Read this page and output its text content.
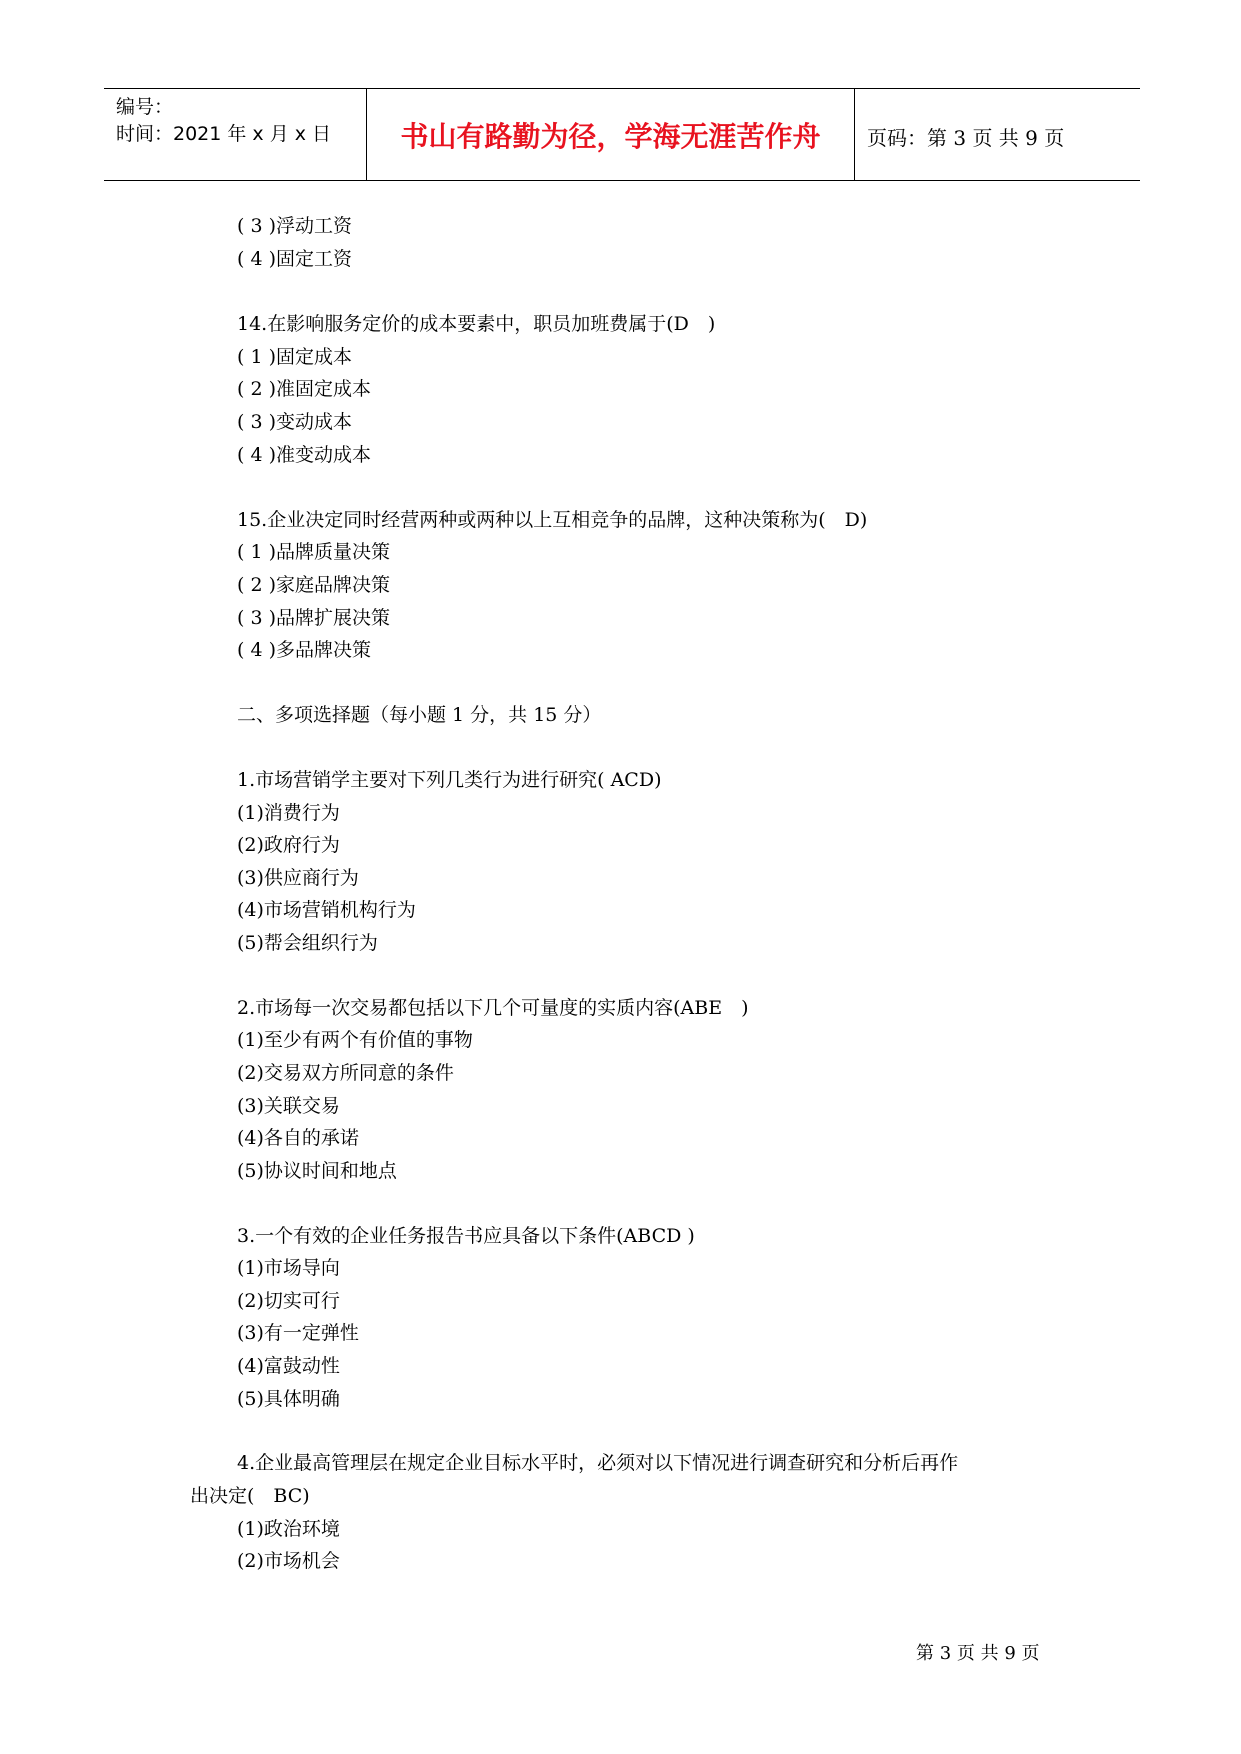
编号：
时间：2021 年 x 月 x 日	书山有路勤为径，学海无涯苦作舟	页码：第 3 页 共 9 页
( 3 )浮动工资
( 4 )固定工资
14.在影响服务定价的成本要素中，职员加班费属于(D　)
( 1 )固定成本
( 2 )准固定成本
( 3 )变动成本
( 4 )准变动成本
15.企业决定同时经营两种或两种以上互相竞争的品牌，这种决策称为(　D)
( 1 )品牌质量决策
( 2 )家庭品牌决策
( 3 )品牌扩展决策
( 4 )多品牌决策
二、多项选择题（每小题 1 分，共 15 分）
1.市场营销学主要对下列几类行为进行研究( ACD)
(1)消费行为
(2)政府行为
(3)供应商行为
(4)市场营销机构行为
(5)帮会组织行为
2.市场每一次交易都包括以下几个可量度的实质内容(ABE　)
(1)至少有两个有价值的事物
(2)交易双方所同意的条件
(3)关联交易
(4)各自的承诺
(5)协议时间和地点
3.一个有效的企业任务报告书应具备以下条件(ABCD )
(1)市场导向
(2)切实可行
(3)有一定弹性
(4)富鼓动性
(5)具体明确
4.企业最高管理层在规定企业目标水平时，必须对以下情况进行调查研究和分析后再作
出决定(　BC)
(1)政治环境
(2)市场机会
第 3 页 共 9 页
